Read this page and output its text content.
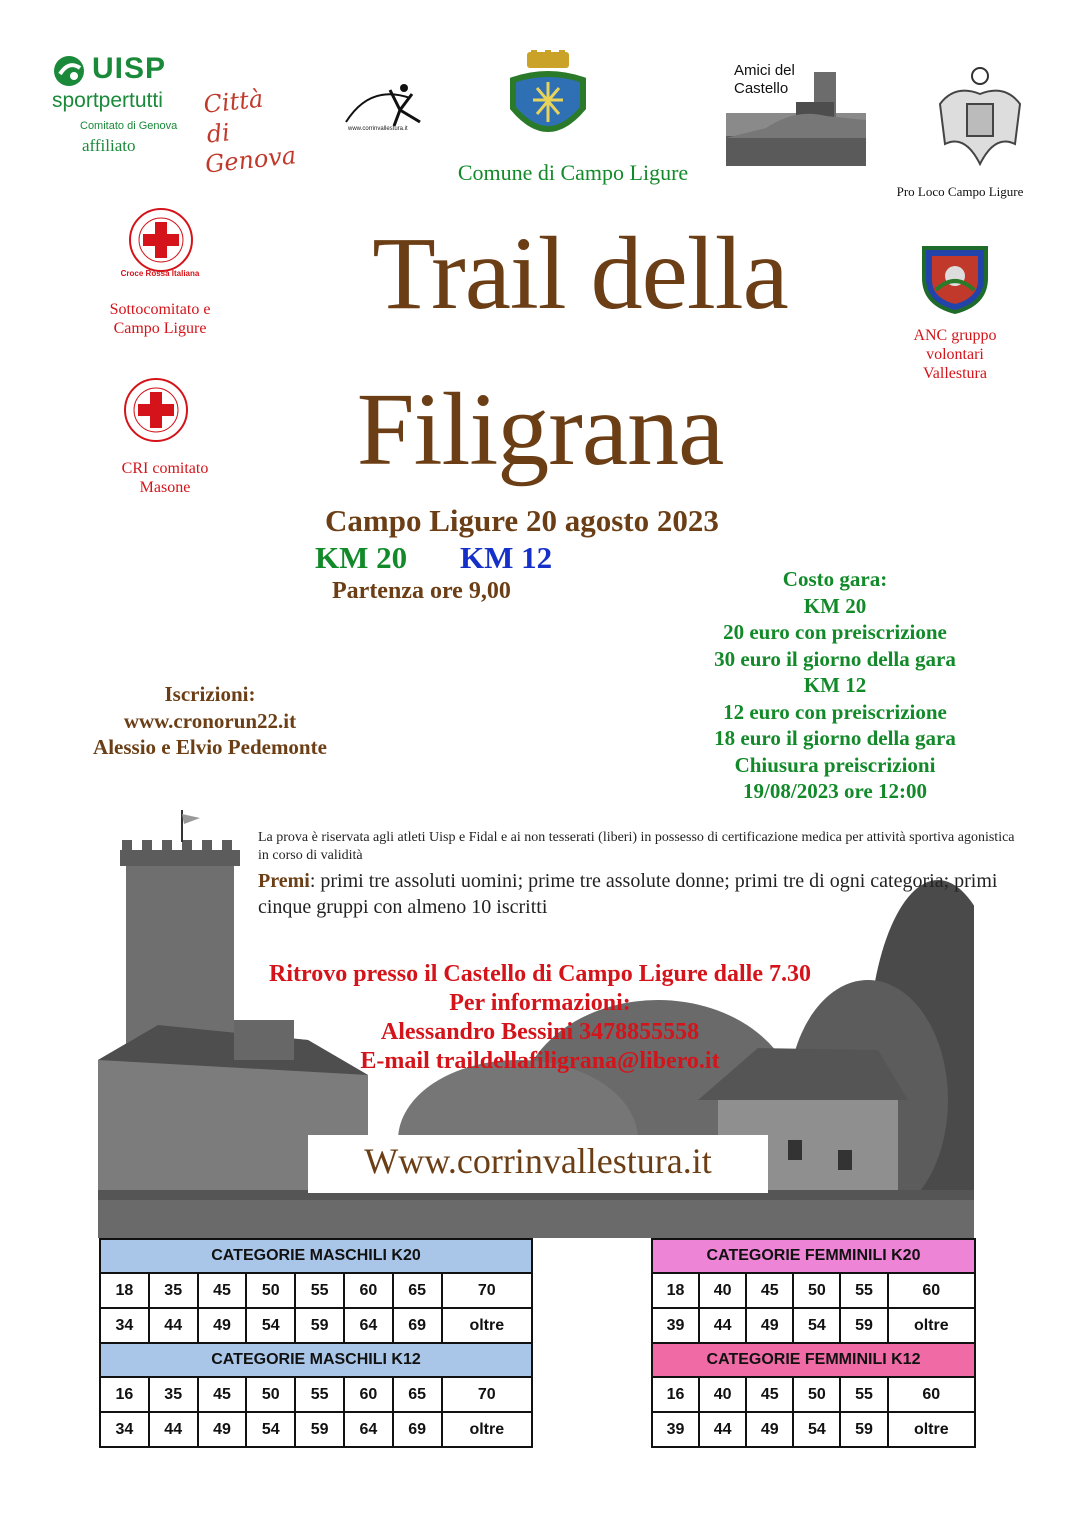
UISP
sportpertutti
Comitato di Genova
affiliato
Città di
Genova
www.corrinvallestura.it
Comune di Campo Ligure
Amici del
Castello
Pro Loco Campo Ligure
Croce Rossa Italiana
Sottocomitato e
Campo Ligure
CRI comitato
Masone
ANC gruppo
volontari
Vallestura
Trail della
Filigrana
Campo Ligure 20 agosto 2023
KM 20 KM 12
Partenza ore 9,00	Costo gara:
KM 20
20 euro con preiscrizione
30 euro il giorno della gara
KM 12
12 euro con preiscrizione
18 euro il giorno della gara
Chiusura preiscrizioni
19/08/2023 ore 12:00
Iscrizioni:
www.cronorun22.it
Alessio e Elvio Pedemonte
La prova è riservata agli atleti Uisp e Fidal e ai non tesserati (liberi) in possesso di certificazione medica per attività sportiva agonistica in corso di validità
Premi: primi tre assoluti uomini; prime tre assolute donne; primi tre di ogni categoria; primi cinque gruppi con almeno 10 iscritti
Ritrovo presso il Castello di Campo Ligure dalle 7.30
Per informazioni:
Alessandro Bessini 3478855558
E-mail traildellafiligrana@libero.it
Www.corrinvallestura.it
CATEGORIE MASCHILI K20							
18	35	45	50	55	60	65	70
34	44	49	54	59	64	69	oltre
CATEGORIE MASCHILI K12							
16	35	45	50	55	60	65	70
34	44	49	54	59	64	69	oltre
CATEGORIE FEMMINILI K20					
18	40	45	50	55	60
39	44	49	54	59	oltre
CATEGORIE FEMMINILI K12					
16	40	45	50	55	60
39	44	49	54	59	oltre
